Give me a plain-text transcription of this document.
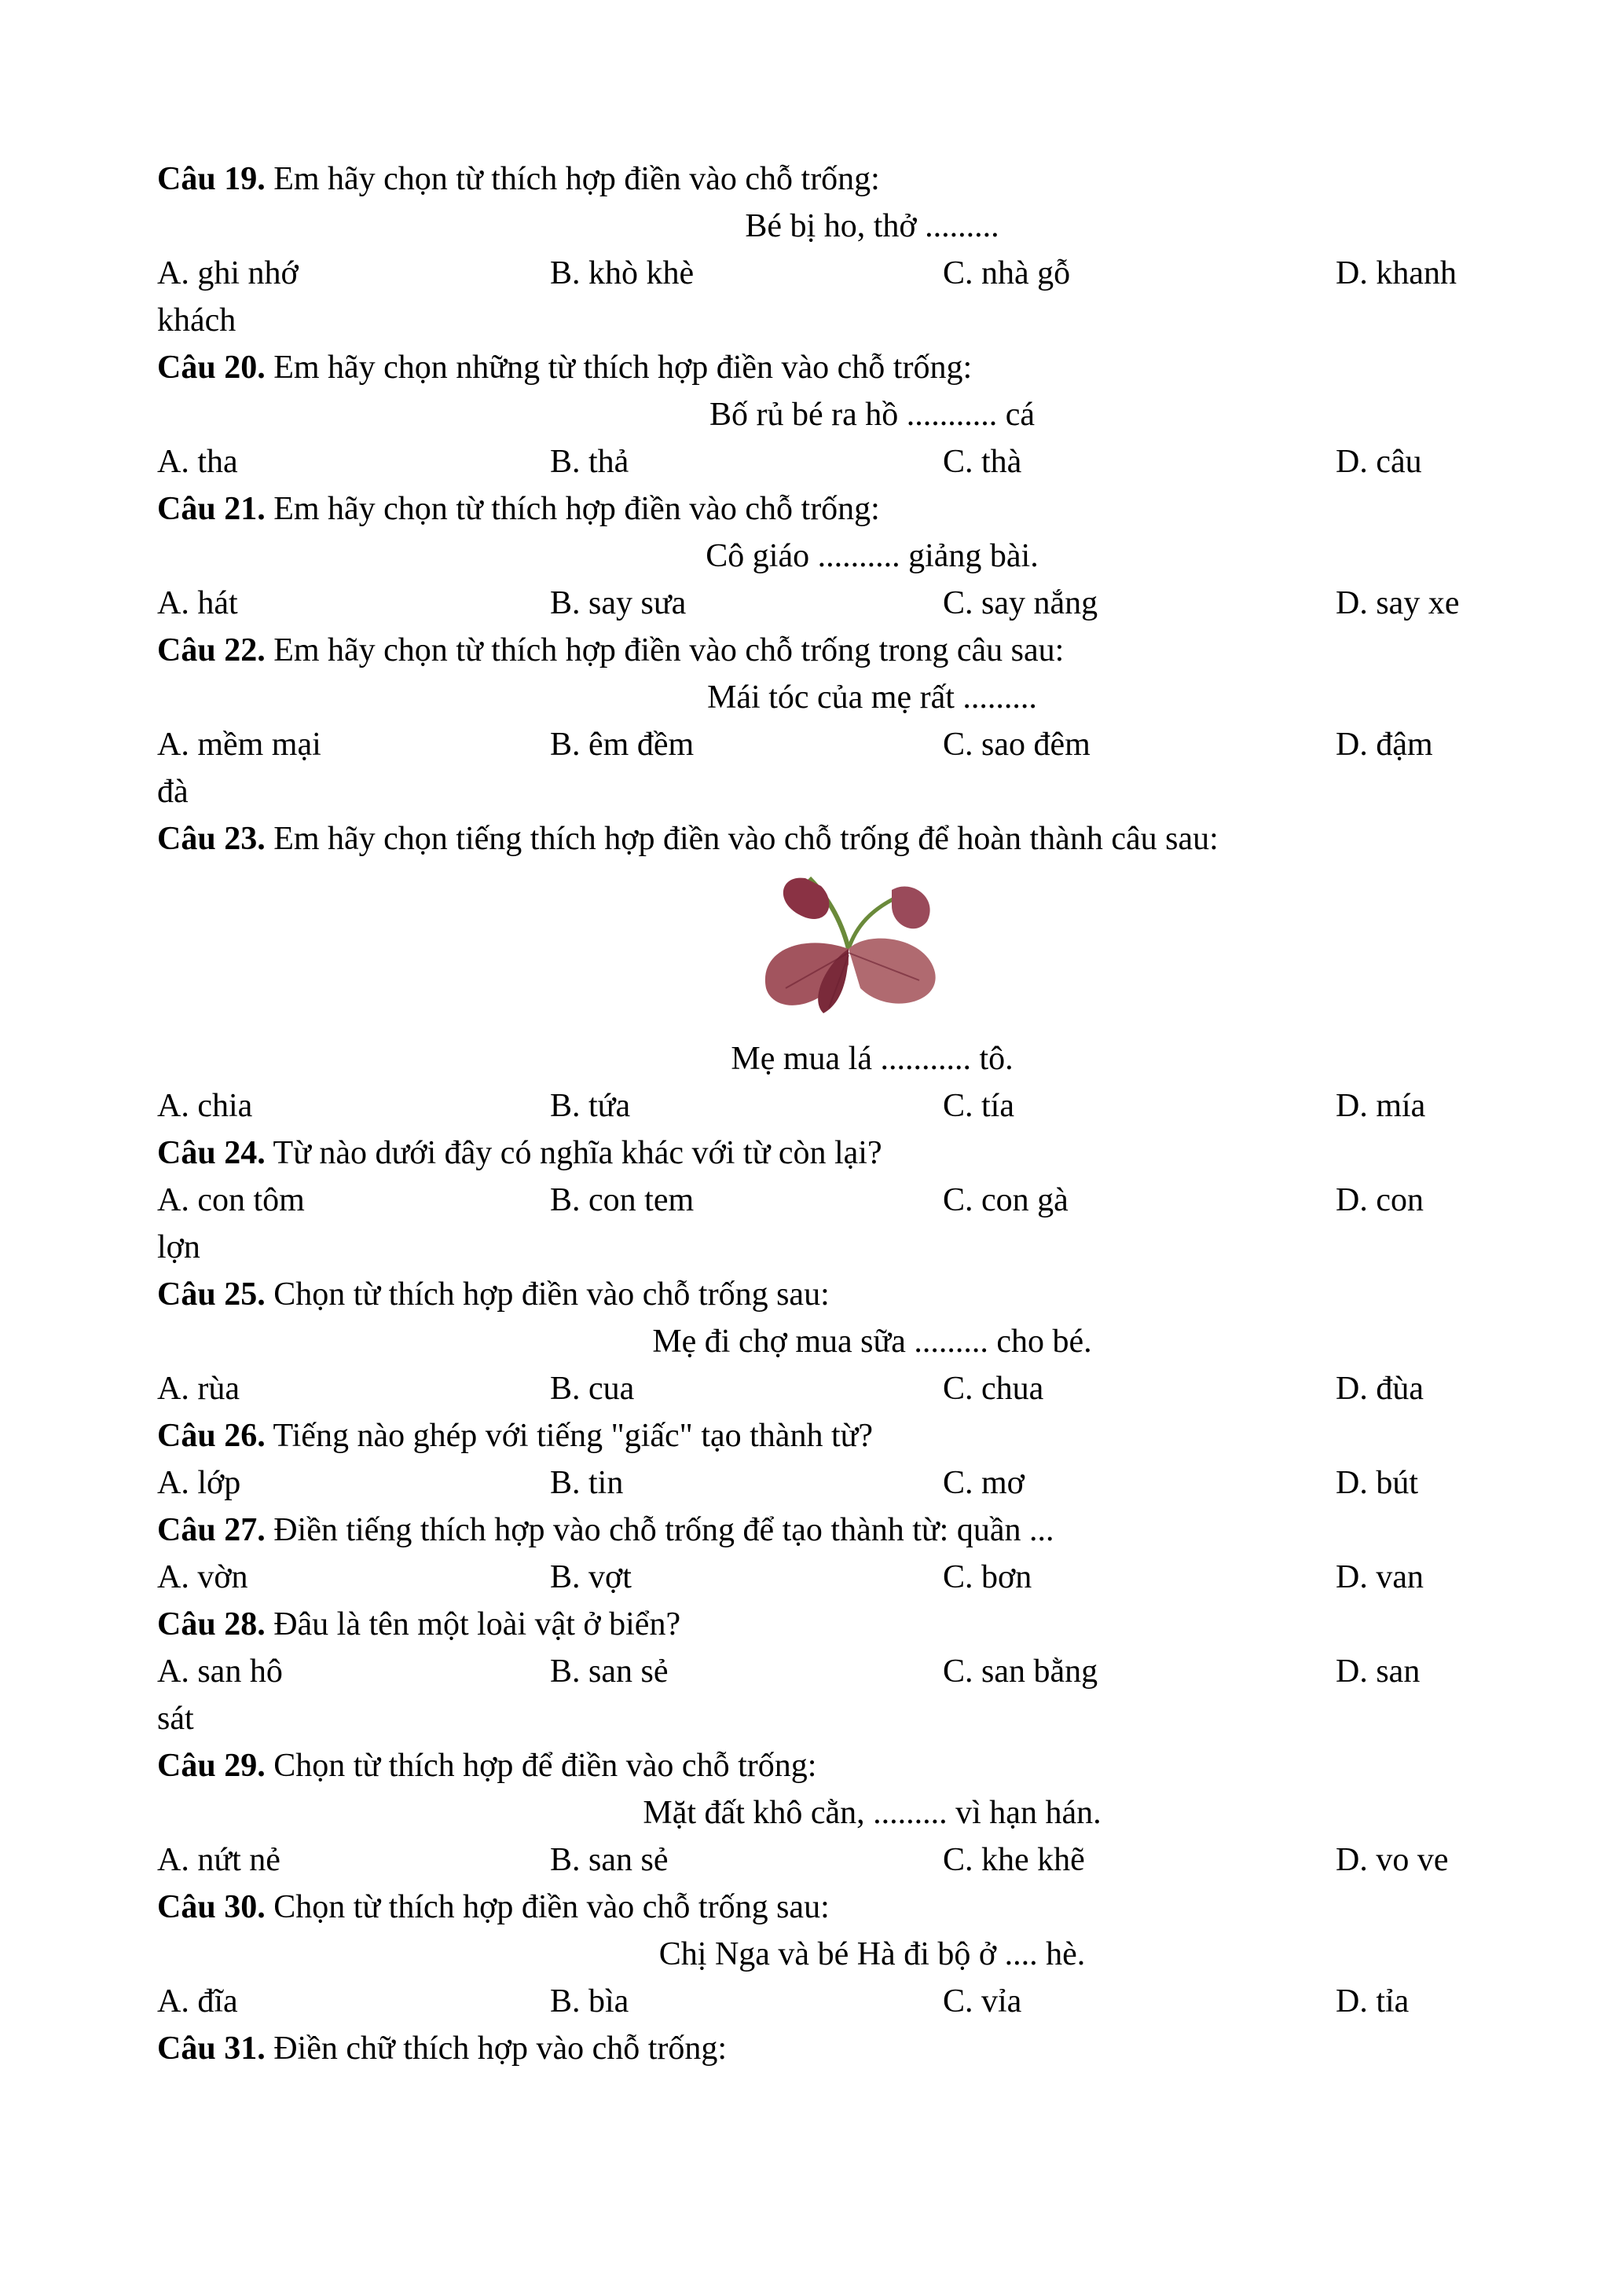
Câu 19. Em hãy chọn từ thích hợp điền vào chỗ trống:
Bé bị ho, thở .........
A. ghi nhớ	B. khò khè	C. nhà gỗ	D. khanh
khách
Câu 20. Em hãy chọn những từ thích hợp điền vào chỗ trống:
Bố rủ bé ra hồ ........... cá
A. tha	B. thả	C. thà	D. câu
Câu 21. Em hãy chọn từ thích hợp điền vào chỗ trống:
Cô giáo .......... giảng bài.
A. hát	B. say sưa	C. say nắng	D. say xe
Câu 22. Em hãy chọn từ thích hợp điền vào chỗ trống trong câu sau:
Mái tóc của mẹ rất .........
A. mềm mại	B. êm đềm	C. sao đêm	D. đậm
đà
Câu 23. Em hãy chọn tiếng thích hợp điền vào chỗ trống để hoàn thành câu sau:
Mẹ mua lá ........... tô.
A. chia	B. tứa	C. tía	D. mía
Câu 24. Từ nào dưới đây có nghĩa khác với từ còn lại?
A. con tôm	B. con tem	C. con gà	D. con
lợn
Câu 25. Chọn từ thích hợp điền vào chỗ trống sau:
Mẹ đi chợ mua sữa ......... cho bé.
A. rùa	B. cua	C. chua	D. đùa
Câu 26. Tiếng nào ghép với tiếng "giấc" tạo thành từ?
A. lớp	B. tin	C. mơ	D. bút
Câu 27. Điền tiếng thích hợp vào chỗ trống để tạo thành từ: quần ...
A. vờn	B. vợt	C. bơn	D. van
Câu 28. Đâu là tên một loài vật ở biển?
A. san hô	B. san sẻ	C. san bằng	D. san
sát
Câu 29. Chọn từ thích hợp để điền vào chỗ trống:
Mặt đất khô cằn, ......... vì hạn hán.
A. nứt nẻ	B. san sẻ	C. khe khẽ	D. vo ve
Câu 30. Chọn từ thích hợp điền vào chỗ trống sau:
Chị Nga và bé Hà đi bộ ở .... hè.
A. đĩa	B. bìa	C. vỉa	D. tỉa
Câu 31. Điền chữ thích hợp vào chỗ trống:
